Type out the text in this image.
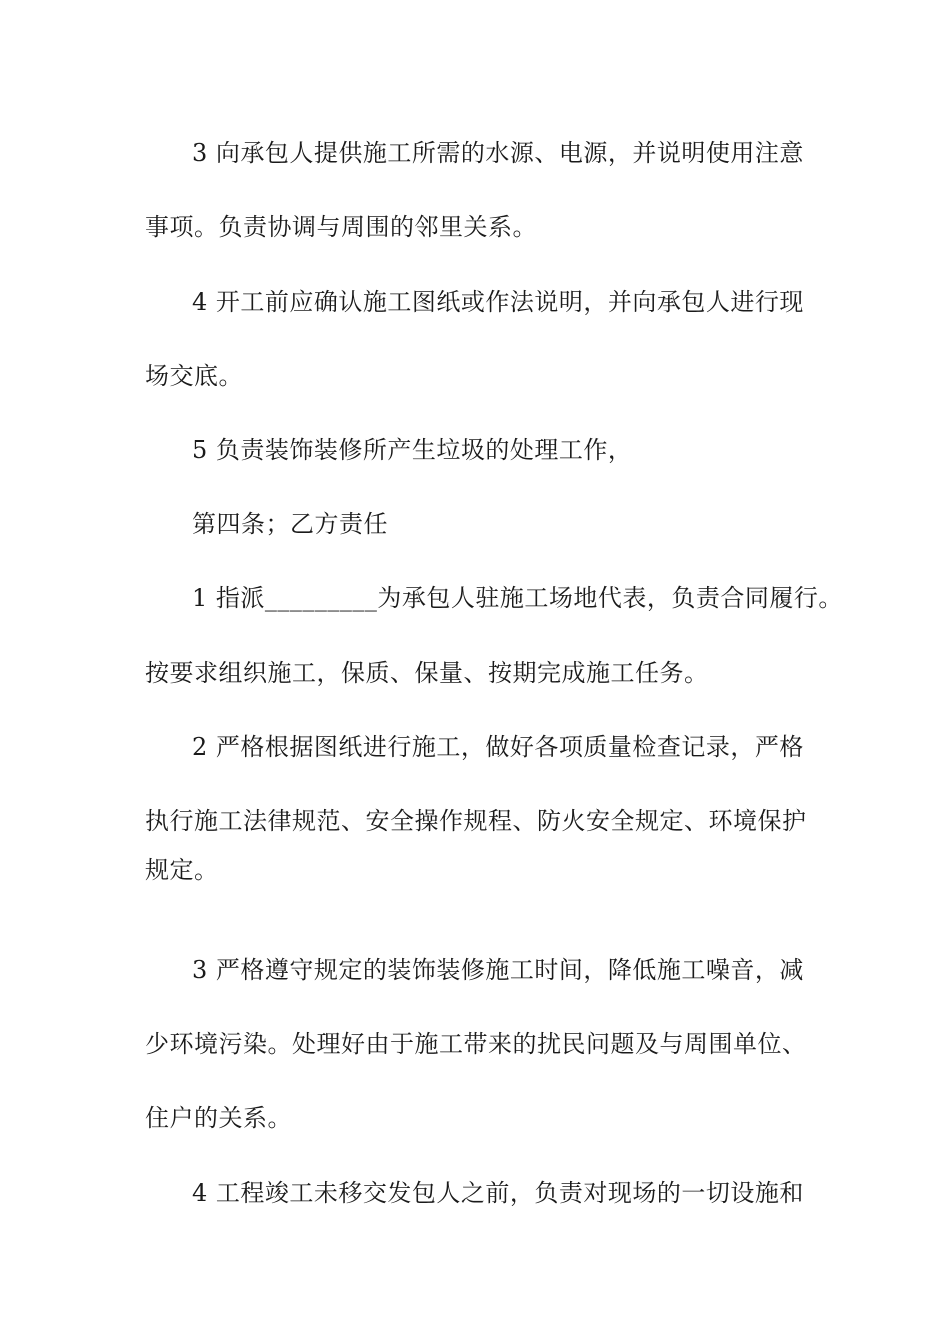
3 向承包人提供施工所需的水源、电源，并说明使用注意
事项。负责协调与周围的邻里关系。
4 开工前应确认施工图纸或作法说明，并向承包人进行现
场交底。
5 负责装饰装修所产生垃圾的处理工作，
第四条；乙方责任
1 指派_________为承包人驻施工场地代表，负责合同履行。
按要求组织施工，保质、保量、按期完成施工任务。
2 严格根据图纸进行施工，做好各项质量检查记录，严格
执行施工法律规范、安全操作规程、防火安全规定、环境保护
规定。
3 严格遵守规定的装饰装修施工时间，降低施工噪音，减
少环境污染。处理好由于施工带来的扰民问题及与周围单位、
住户的关系。
4 工程竣工未移交发包人之前，负责对现场的一切设施和
